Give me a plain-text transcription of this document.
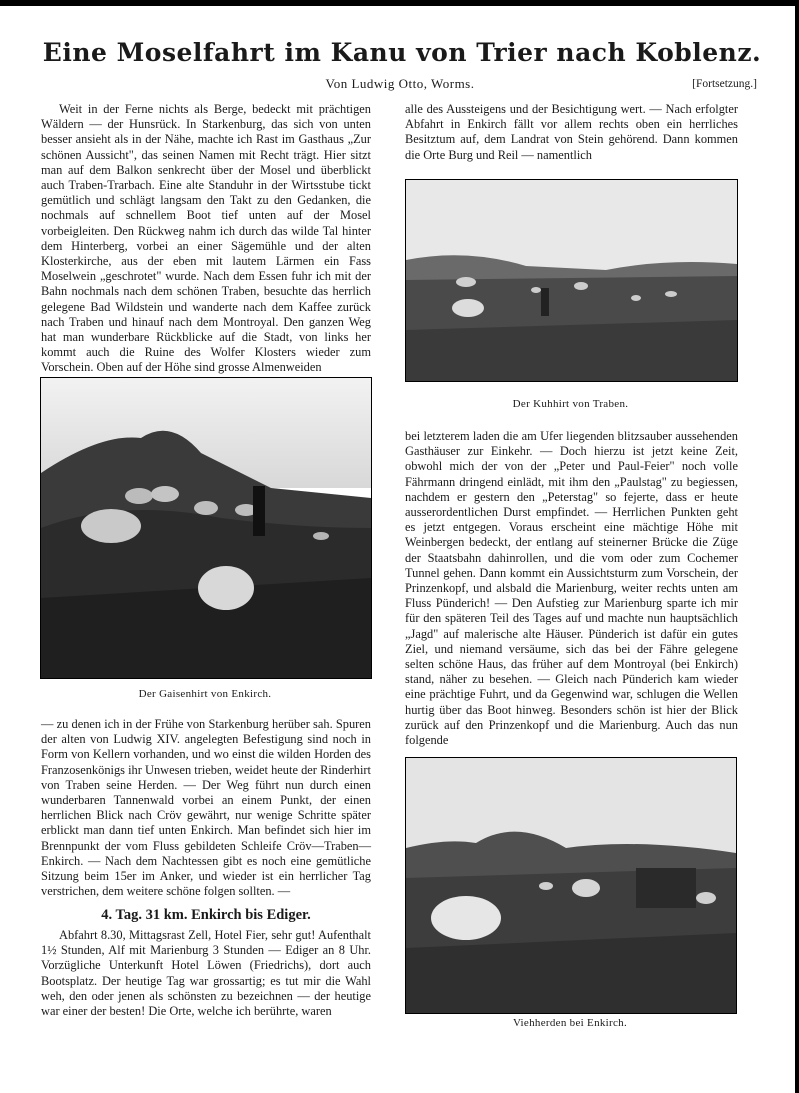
Eine Moselfahrt im Kanu von Trier nach Koblenz.
Von Ludwig Otto, Worms.	[Fortsetzung.]

Weit in der Ferne nichts als Berge, bedeckt mit prächtigen Wäldern — der Hunsrück. In Starkenburg, das sich von unten besser ansieht als in der Nähe, machte ich Rast im Gasthaus „Zur schönen Aussicht", das seinen Namen mit Recht trägt. Hier sitzt man auf dem Balkon senkrecht über der Mosel und überblickt auch Traben-Trarbach. Eine alte Standuhr in der Wirtsstube tickt gemütlich und schlägt langsam den Takt zu den Gedanken, die nochmals auf schnellem Boot tief unten auf der Mosel vorbeigleiten. Den Rückweg nahm ich durch das wilde Tal hinter dem Hinterberg, vorbei an einer Sägemühle und der alten Klosterkirche, aus der eben mit lautem Lärmen ein Fass Moselwein „geschrotet" wurde. Nach dem Essen fuhr ich mit der Bahn nochmals nach dem schönen Traben, besuchte das herrlich gelegene Bad Wildstein und wanderte nach dem Kaffee zurück nach Traben und hinauf nach dem Montroyal. Den ganzen Weg hat man wunderbare Rückblicke auf die Stadt, von links her kommt auch die Ruine des Wolfer Klosters wieder zum Vorschein. Oben auf der Höhe sind grosse Almenweiden

Der Gaisenhirt von Enkirch.

— zu denen ich in der Frühe von Starkenburg herüber sah. Spuren der alten von Ludwig XIV. angelegten Befestigung sind noch in Form von Kellern vorhanden, und wo einst die wilden Horden des Franzosenkönigs ihr Unwesen trieben, weidet heute der Rinderhirt von Traben seine Herden. — Der Weg führt nun durch einen wunderbaren Tannenwald vorbei an einem Punkt, der einen herrlichen Blick nach Cröv gewährt, nur wenige Schritte später erblickt man dann tief unten Enkirch. Man befindet sich hier im Brennpunkt der vom Fluss gebildeten Schleife Cröv—Traben—Enkirch. — Nach dem Nachtessen gibt es noch eine gemütliche Sitzung beim 15er im Anker, und wieder ist ein herrlicher Tag verstrichen, dem weitere schöne folgen sollten. —

4. Tag. 31 km. Enkirch bis Ediger.

Abfahrt 8.30, Mittagsrast Zell, Hotel Fier, sehr gut! Aufenthalt 1½ Stunden, Alf mit Marienburg 3 Stunden — Ediger an 8 Uhr. Vorzügliche Unterkunft Hotel Löwen (Friedrichs), dort auch Bootsplatz. Der heutige Tag war grossartig; es tut mir die Wahl weh, den oder jenen als schönsten zu bezeichnen — der heutige war einer der besten! Die Orte, welche ich berührte, waren

alle des Aussteigens und der Besichtigung wert. — Nach erfolgter Abfahrt in Enkirch fällt vor allem rechts oben ein herrliches Besitztum auf, dem Landrat von Stein gehörend. Dann kommen die Orte Burg und Reil — namentlich

Der Kuhhirt von Traben.

bei letzterem laden die am Ufer liegenden blitzsauber aussehenden Gasthäuser zur Einkehr. — Doch hierzu ist jetzt keine Zeit, obwohl mich der von der „Peter und Paul-Feier" noch volle Fährmann dringend einlädt, mit ihm den „Paulstag" zu begiessen, nachdem er gestern den „Peterstag" so fejerte, dass er heute ausserordentlichen Durst empfindet. — Herrlichen Punkten geht es jetzt entgegen. Voraus erscheint eine mächtige Höhe mit Weinbergen bedeckt, der entlang auf steinerner Brücke die Züge der Staatsbahn dahinrollen, und die vom oder zum Cochemer Tunnel gehen. Dann kommt ein Aussichtsturm zum Vorschein, der Prinzenkopf, und alsbald die Marienburg, weiter rechts unten am Fluss Pünderich! — Den Aufstieg zur Marienburg sparte ich mir für den späteren Teil des Tages auf und machte nun hauptsächlich „Jagd" auf malerische alte Häuser. Pünderich ist dafür ein gutes Ziel, und niemand versäume, sich das bei der Fähre gelegene selten schöne Haus, das früher auf dem Montroyal (bei Enkirch) stand, näher zu besehen. — Gleich nach Pünderich kam wieder eine prächtige Fuhrt, und da Gegenwind war, schlugen die Wellen hurtig über das Boot hinweg. Besonders schön ist hier der Blick zurück auf den Prinzenkopf und die Marienburg. Auch das nun folgende

Viehherden bei Enkirch.
